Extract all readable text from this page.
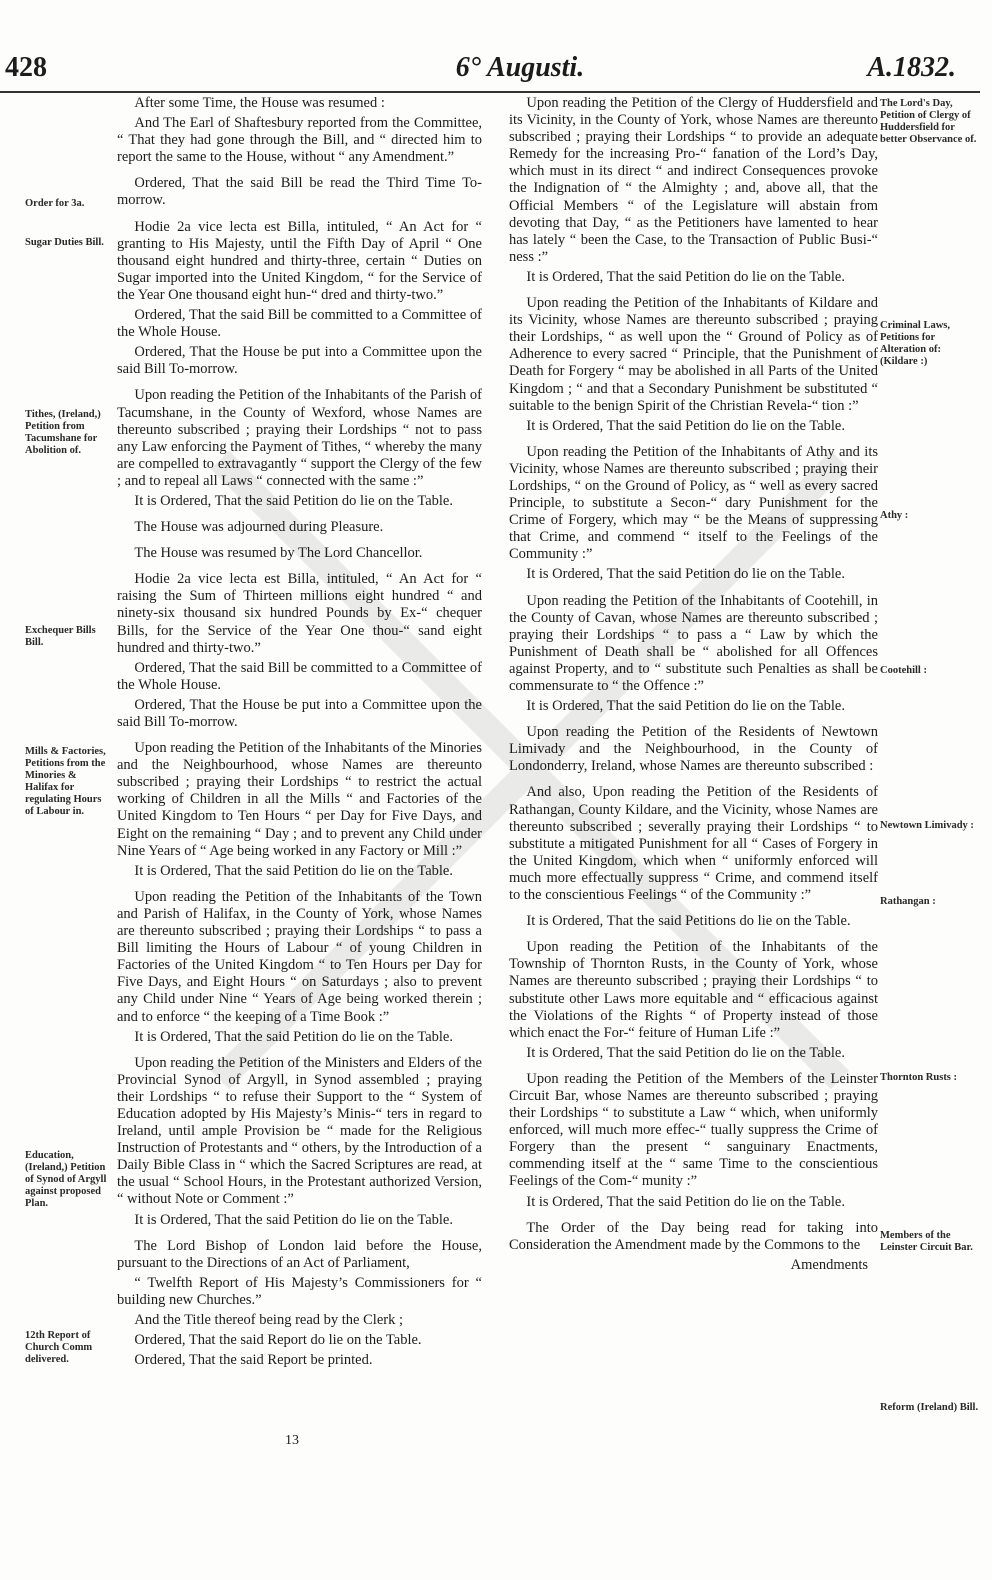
428	6° Augusti.	A.1832.

After some Time, the House was resumed :

And The Earl of Shaftesbury reported from the Committee, “ That they had gone through the Bill, and “ directed him to report the same to the House, without “ any Amendment.”

Ordered, That the said Bill be read the Third Time To-morrow.

Hodie 2a vice lecta est Billa, intituled, “ An Act for “ granting to His Majesty, until the Fifth Day of April “ One thousand eight hundred and thirty-three, certain “ Duties on Sugar imported into the United Kingdom, “ for the Service of the Year One thousand eight hun-“ dred and thirty-two.”

Ordered, That the said Bill be committed to a Committee of the Whole House.

Ordered, That the House be put into a Committee upon the said Bill To-morrow.

Upon reading the Petition of the Inhabitants of the Parish of Tacumshane, in the County of Wexford, whose Names are thereunto subscribed ; praying their Lordships “ not to pass any Law enforcing the Payment of Tithes, “ whereby the many are compelled to extravagantly “ support the Clergy of the few ; and to repeal all Laws “ connected with the same :”

It is Ordered, That the said Petition do lie on the Table.

The House was adjourned during Pleasure.

The House was resumed by The Lord Chancellor.

Hodie 2a vice lecta est Billa, intituled, “ An Act for “ raising the Sum of Thirteen millions eight hundred “ and ninety-six thousand six hundred Pounds by Ex-“ chequer Bills, for the Service of the Year One thou-“ sand eight hundred and thirty-two.”

Ordered, That the said Bill be committed to a Committee of the Whole House.

Ordered, That the House be put into a Committee upon the said Bill To-morrow.

Upon reading the Petition of the Inhabitants of the Minories and the Neighbourhood, whose Names are thereunto subscribed ; praying their Lordships “ to restrict the actual working of Children in all the Mills “ and Factories of the United Kingdom to Ten Hours “ per Day for Five Days, and Eight on the remaining “ Day ; and to prevent any Child under Nine Years of “ Age being worked in any Factory or Mill :”

It is Ordered, That the said Petition do lie on the Table.

Upon reading the Petition of the Inhabitants of the Town and Parish of Halifax, in the County of York, whose Names are thereunto subscribed ; praying their Lordships “ to pass a Bill limiting the Hours of Labour “ of young Children in Factories of the United Kingdom “ to Ten Hours per Day for Five Days, and Eight Hours “ on Saturdays ; also to prevent any Child under Nine “ Years of Age being worked therein ; and to enforce “ the keeping of a Time Book :”

It is Ordered, That the said Petition do lie on the Table.

Upon reading the Petition of the Ministers and Elders of the Provincial Synod of Argyll, in Synod assembled ; praying their Lordships “ to refuse their Support to the “ System of Education adopted by His Majesty’s Minis-“ ters in regard to Ireland, until ample Provision be “ made for the Religious Instruction of Protestants and “ others, by the Introduction of a Daily Bible Class in “ which the Sacred Scriptures are read, at the usual “ School Hours, in the Protestant authorized Version, “ without Note or Comment :”

It is Ordered, That the said Petition do lie on the Table.

The Lord Bishop of London laid before the House, pursuant to the Directions of an Act of Parliament,

“ Twelfth Report of His Majesty’s Commissioners for “ building new Churches.”

And the Title thereof being read by the Clerk ;

Ordered, That the said Report do lie on the Table.

Ordered, That the said Report be printed.

Upon reading the Petition of the Clergy of Huddersfield and its Vicinity, in the County of York, whose Names are thereunto subscribed ; praying their Lordships “ to provide an adequate Remedy for the increasing Pro-“ fanation of the Lord’s Day, which must in its direct “ and indirect Consequences provoke the Indignation of “ the Almighty ; and, above all, that the Official Members “ of the Legislature will abstain from devoting that Day, “ as the Petitioners have lamented to hear has lately “ been the Case, to the Transaction of Public Busi-“ ness :”

It is Ordered, That the said Petition do lie on the Table.

Upon reading the Petition of the Inhabitants of Kildare and its Vicinity, whose Names are thereunto subscribed ; praying their Lordships, “ as well upon the “ Ground of Policy as of Adherence to every sacred “ Principle, that the Punishment of Death for Forgery “ may be abolished in all Parts of the United Kingdom ; “ and that a Secondary Punishment be substituted “ suitable to the benign Spirit of the Christian Revela-“ tion :”

It is Ordered, That the said Petition do lie on the Table.

Upon reading the Petition of the Inhabitants of Athy and its Vicinity, whose Names are thereunto subscribed ; praying their Lordships, “ on the Ground of Policy, as “ well as every sacred Principle, to substitute a Secon-“ dary Punishment for the Crime of Forgery, which may “ be the Means of suppressing that Crime, and commend “ itself to the Feelings of the Community :”

It is Ordered, That the said Petition do lie on the Table.

Upon reading the Petition of the Inhabitants of Cootehill, in the County of Cavan, whose Names are thereunto subscribed ; praying their Lordships “ to pass a “ Law by which the Punishment of Death shall be “ abolished for all Offences against Property, and to “ substitute such Penalties as shall be commensurate to “ the Offence :”

It is Ordered, That the said Petition do lie on the Table.

Upon reading the Petition of the Residents of Newtown Limivady and the Neighbourhood, in the County of Londonderry, Ireland, whose Names are thereunto subscribed :

And also, Upon reading the Petition of the Residents of Rathangan, County Kildare, and the Vicinity, whose Names are thereunto subscribed ; severally praying their Lordships “ to substitute a mitigated Punishment for all “ Cases of Forgery in the United Kingdom, which when “ uniformly enforced will much more effectually suppress “ Crime, and commend itself to the conscientious Feelings “ of the Community :”

It is Ordered, That the said Petitions do lie on the Table.

Upon reading the Petition of the Inhabitants of the Township of Thornton Rusts, in the County of York, whose Names are thereunto subscribed ; praying their Lordships “ to substitute other Laws more equitable and “ efficacious against the Violations of the Rights “ of Property instead of those which enact the For-“ feiture of Human Life :”

It is Ordered, That the said Petition do lie on the Table.

Upon reading the Petition of the Members of the Leinster Circuit Bar, whose Names are thereunto subscribed ; praying their Lordships “ to substitute a Law “ which, when uniformly enforced, will much more effec-“ tually suppress the Crime of Forgery than the present “ sanguinary Enactments, commending itself at the “ same Time to the conscientious Feelings of the Com-“ munity :”

It is Ordered, That the said Petition do lie on the Table.

The Order of the Day being read for taking into Consideration the Amendment made by the Commons to the

Amendments

Order for 3a.
Sugar Duties Bill.
Tithes, (Ireland,) Petition from Tacumshane for Abolition of.
Exchequer Bills Bill.
Mills & Factories, Petitions from the Minories & Halifax for regulating Hours of Labour in.
Education, (Ireland,) Petition of Synod of Argyll against proposed Plan.
12th Report of Church Comm delivered.
The Lord's Day, Petition of Clergy of Huddersfield for better Observance of.
Criminal Laws, Petitions for Alteration of: (Kildare :)
Athy :
Cootehill :
Newtown Limivady :
Rathangan :
Thornton Rusts :
Members of the Leinster Circuit Bar.
Reform (Ireland) Bill.
13
